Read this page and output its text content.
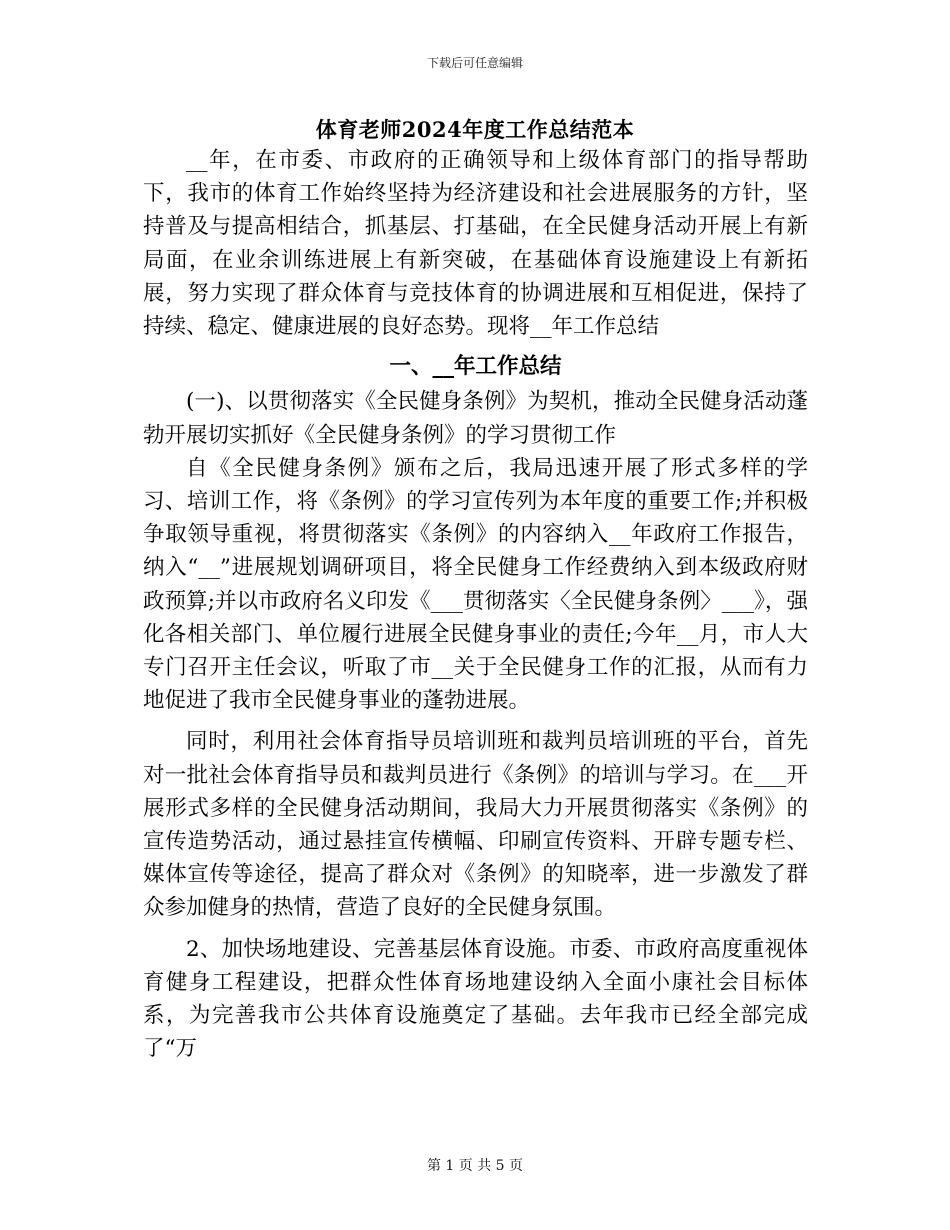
下载后可任意编辑
体育老师2024年度工作总结范本

__年，在市委、市政府的正确领导和上级体育部门的指导帮助下，我市的体育工作始终坚持为经济建设和社会进展服务的方针，坚持普及与提高相结合，抓基层、打基础，在全民健身活动开展上有新局面，在业余训练进展上有新突破，在基础体育设施建设上有新拓展，努力实现了群众体育与竞技体育的协调进展和互相促进，保持了持续、稳定、健康进展的良好态势。现将__年工作总结

一、__年工作总结

(一)、以贯彻落实《全民健身条例》为契机，推动全民健身活动蓬勃开展切实抓好《全民健身条例》的学习贯彻工作

自《全民健身条例》颁布之后，我局迅速开展了形式多样的学习、培训工作，将《条例》的学习宣传列为本年度的重要工作;并积极争取领导重视，将贯彻落实《条例》的内容纳入__年政府工作报告，纳入“__”进展规划调研项目，将全民健身工作经费纳入到本级政府财政预算;并以市政府名义印发《___贯彻落实〈全民健身条例〉___》，强化各相关部门、单位履行进展全民健身事业的责任;今年__月，市人大专门召开主任会议，听取了市__关于全民健身工作的汇报，从而有力地促进了我市全民健身事业的蓬勃进展。

同时，利用社会体育指导员培训班和裁判员培训班的平台，首先对一批社会体育指导员和裁判员进行《条例》的培训与学习。在___开展形式多样的全民健身活动期间，我局大力开展贯彻落实《条例》的宣传造势活动，通过悬挂宣传横幅、印刷宣传资料、开辟专题专栏、媒体宣传等途径，提高了群众对《条例》的知晓率，进一步激发了群众参加健身的热情，营造了良好的全民健身氛围。

2、加快场地建设、完善基层体育设施。市委、市政府高度重视体育健身工程建设，把群众性体育场地建设纳入全面小康社会目标体系，为完善我市公共体育设施奠定了基础。去年我市已经全部完成了“万

第 1 页 共 5 页
